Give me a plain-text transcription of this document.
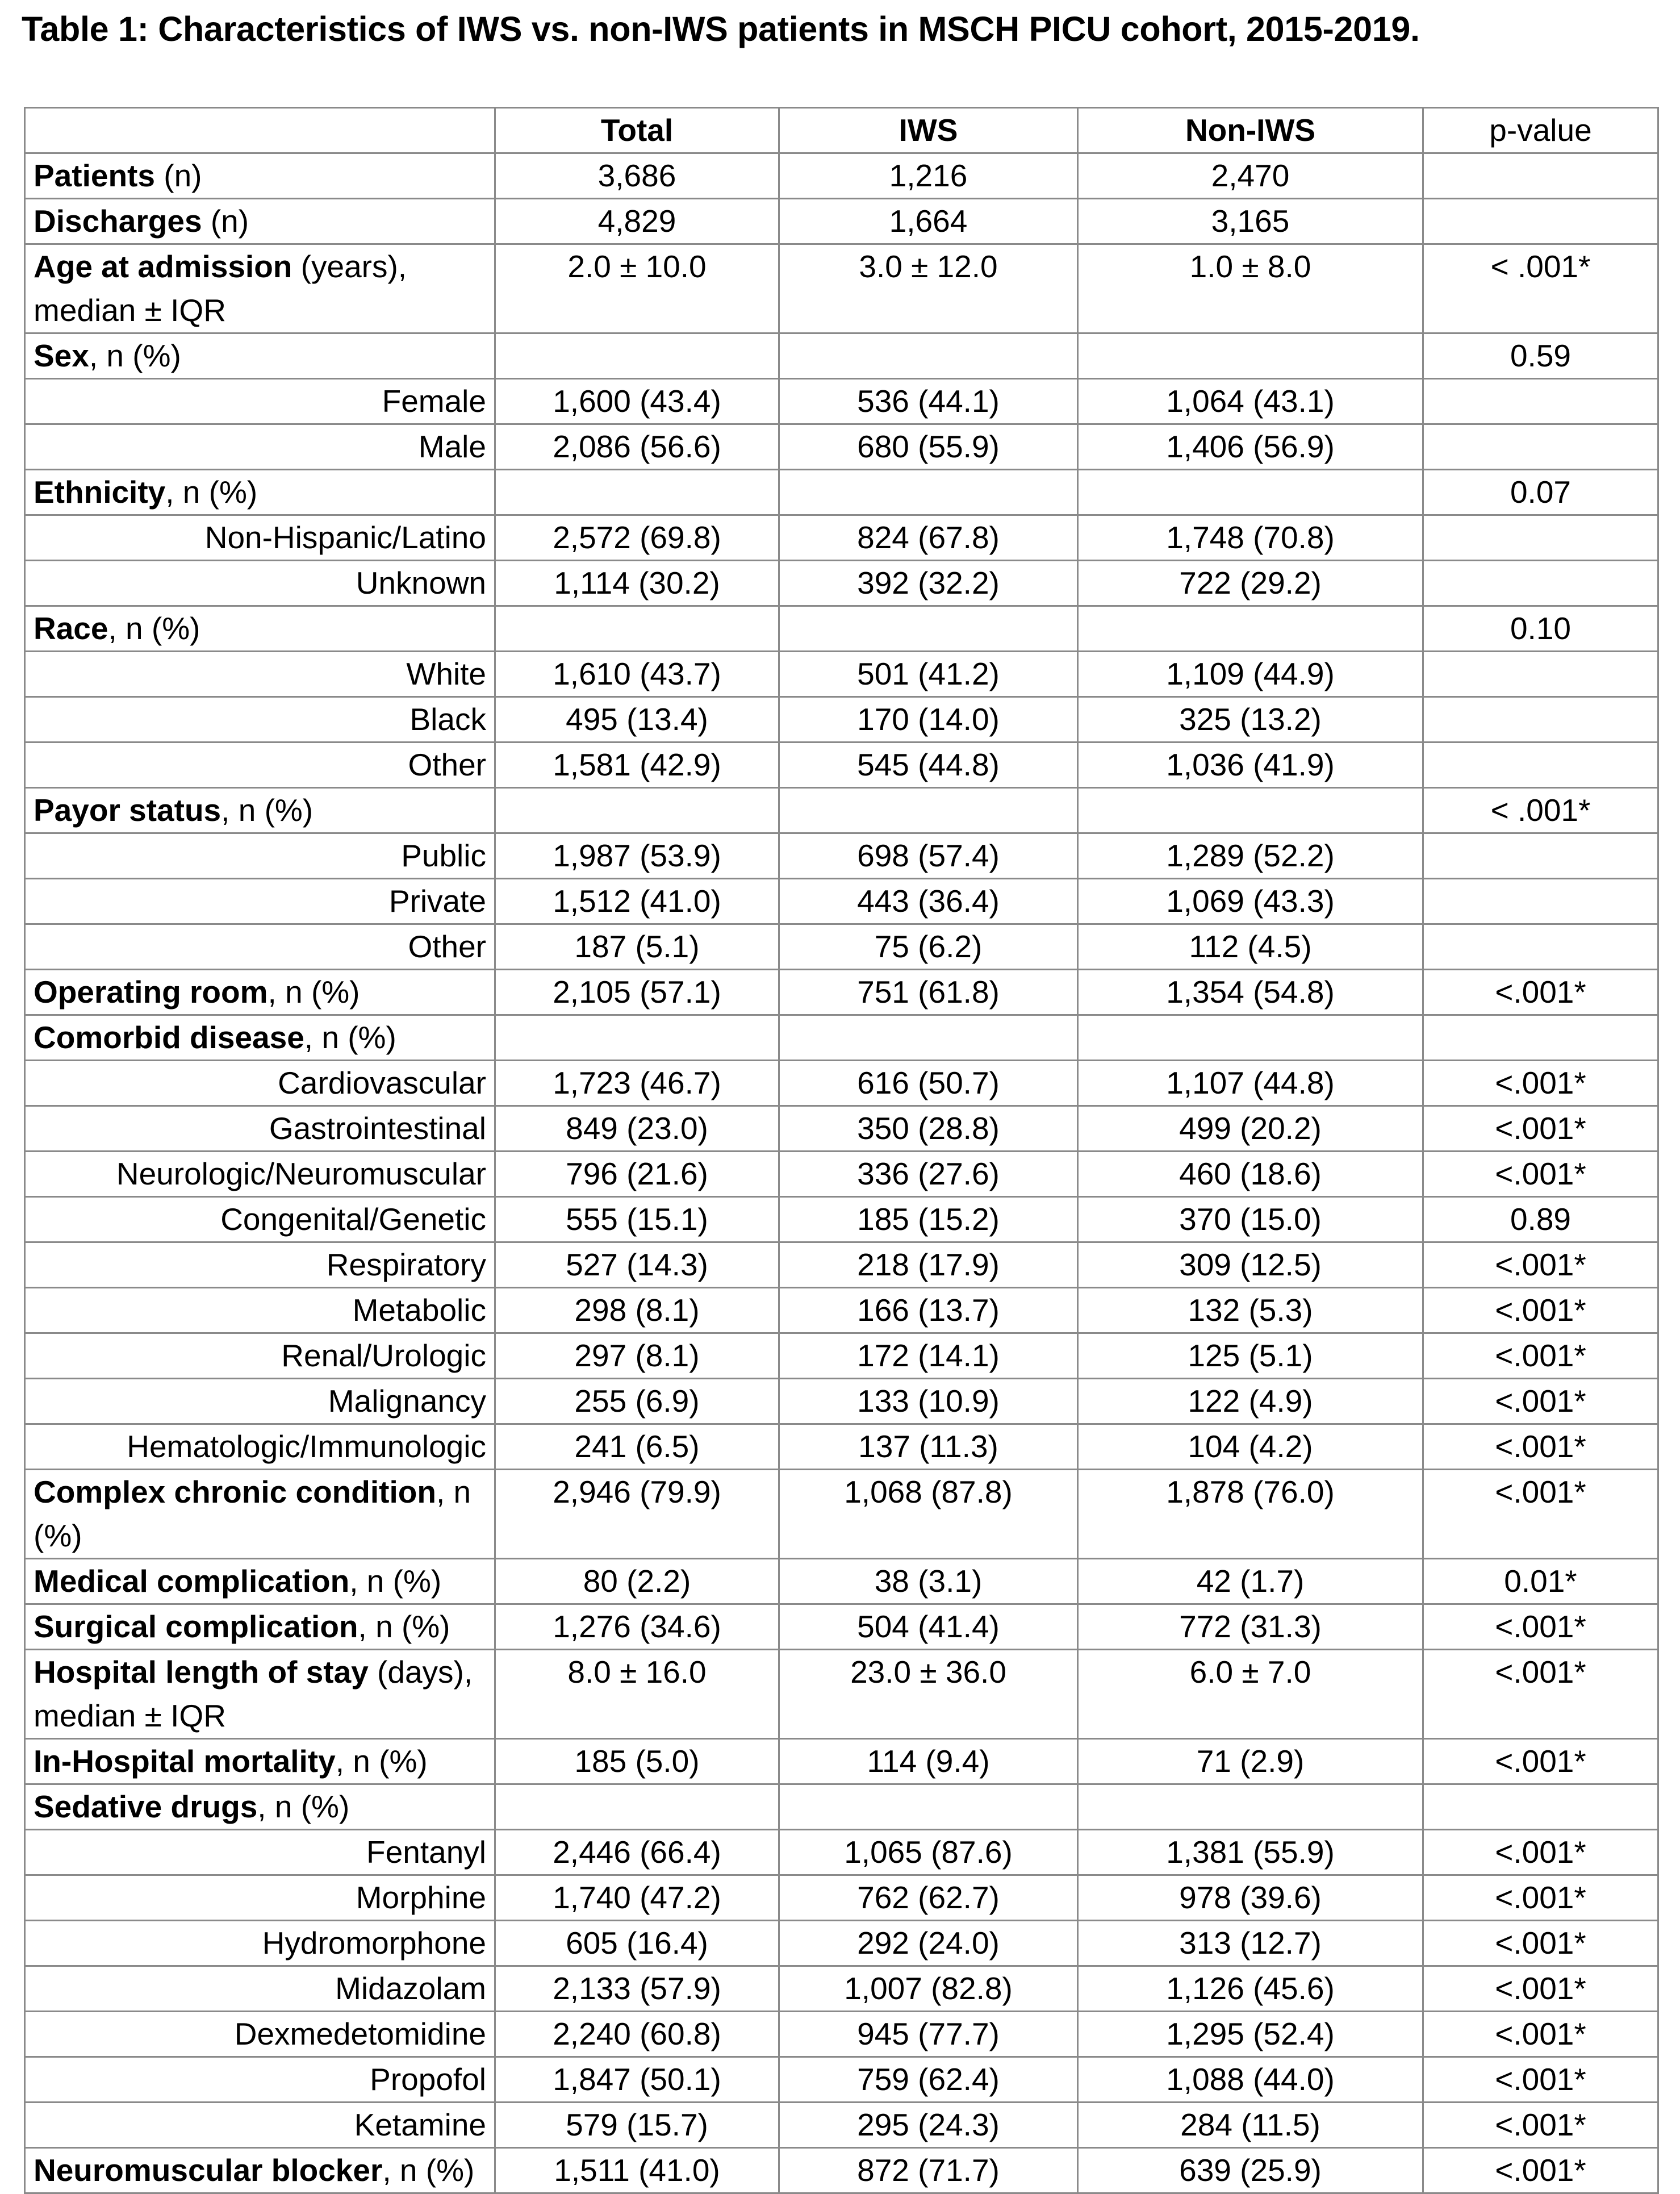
Table 1: Characteristics of IWS vs. non-IWS patients in MSCH PICU cohort, 2015-2019.
	Total	IWS	Non-IWS	p-value
Patients (n)	3,686	1,216	2,470	
Discharges (n)	4,829	1,664	3,165	
Age at admission (years), median ± IQR	2.0 ± 10.0	3.0 ± 12.0	1.0 ± 8.0	< .001*
Sex, n (%)				0.59
Female	1,600 (43.4)	536 (44.1)	1,064 (43.1)	
Male	2,086 (56.6)	680 (55.9)	1,406 (56.9)	
Ethnicity, n (%)				0.07
Non-Hispanic/Latino	2,572 (69.8)	824 (67.8)	1,748 (70.8)	
Unknown	1,114 (30.2)	392 (32.2)	722 (29.2)	
Race, n (%)				0.10
White	1,610 (43.7)	501 (41.2)	1,109 (44.9)	
Black	495 (13.4)	170 (14.0)	325 (13.2)	
Other	1,581 (42.9)	545 (44.8)	1,036 (41.9)	
Payor status, n (%)				< .001*
Public	1,987 (53.9)	698 (57.4)	1,289 (52.2)	
Private	1,512 (41.0)	443 (36.4)	1,069 (43.3)	
Other	187 (5.1)	75 (6.2)	112 (4.5)	
Operating room, n (%)	2,105 (57.1)	751 (61.8)	1,354 (54.8)	<.001*
Comorbid disease, n (%)				
Cardiovascular	1,723 (46.7)	616 (50.7)	1,107 (44.8)	<.001*
Gastrointestinal	849 (23.0)	350 (28.8)	499 (20.2)	<.001*
Neurologic/Neuromuscular	796 (21.6)	336 (27.6)	460 (18.6)	<.001*
Congenital/Genetic	555 (15.1)	185 (15.2)	370 (15.0)	0.89
Respiratory	527 (14.3)	218 (17.9)	309 (12.5)	<.001*
Metabolic	298 (8.1)	166 (13.7)	132 (5.3)	<.001*
Renal/Urologic	297 (8.1)	172 (14.1)	125 (5.1)	<.001*
Malignancy	255 (6.9)	133 (10.9)	122 (4.9)	<.001*
Hematologic/Immunologic	241 (6.5)	137 (11.3)	104 (4.2)	<.001*
Complex chronic condition, n (%)	2,946 (79.9)	1,068 (87.8)	1,878 (76.0)	<.001*
Medical complication, n (%)	80 (2.2)	38 (3.1)	42 (1.7)	0.01*
Surgical complication, n (%)	1,276 (34.6)	504 (41.4)	772 (31.3)	<.001*
Hospital length of stay (days), median ± IQR	8.0 ± 16.0	23.0 ± 36.0	6.0 ± 7.0	<.001*
In-Hospital mortality, n (%)	185 (5.0)	114 (9.4)	71 (2.9)	<.001*
Sedative drugs, n (%)				
Fentanyl	2,446 (66.4)	1,065 (87.6)	1,381 (55.9)	<.001*
Morphine	1,740 (47.2)	762 (62.7)	978 (39.6)	<.001*
Hydromorphone	605 (16.4)	292 (24.0)	313 (12.7)	<.001*
Midazolam	2,133 (57.9)	1,007 (82.8)	1,126 (45.6)	<.001*
Dexmedetomidine	2,240 (60.8)	945 (77.7)	1,295 (52.4)	<.001*
Propofol	1,847 (50.1)	759 (62.4)	1,088 (44.0)	<.001*
Ketamine	579 (15.7)	295 (24.3)	284 (11.5)	<.001*
Neuromuscular blocker, n (%)	1,511 (41.0)	872 (71.7)	639 (25.9)	<.001*
